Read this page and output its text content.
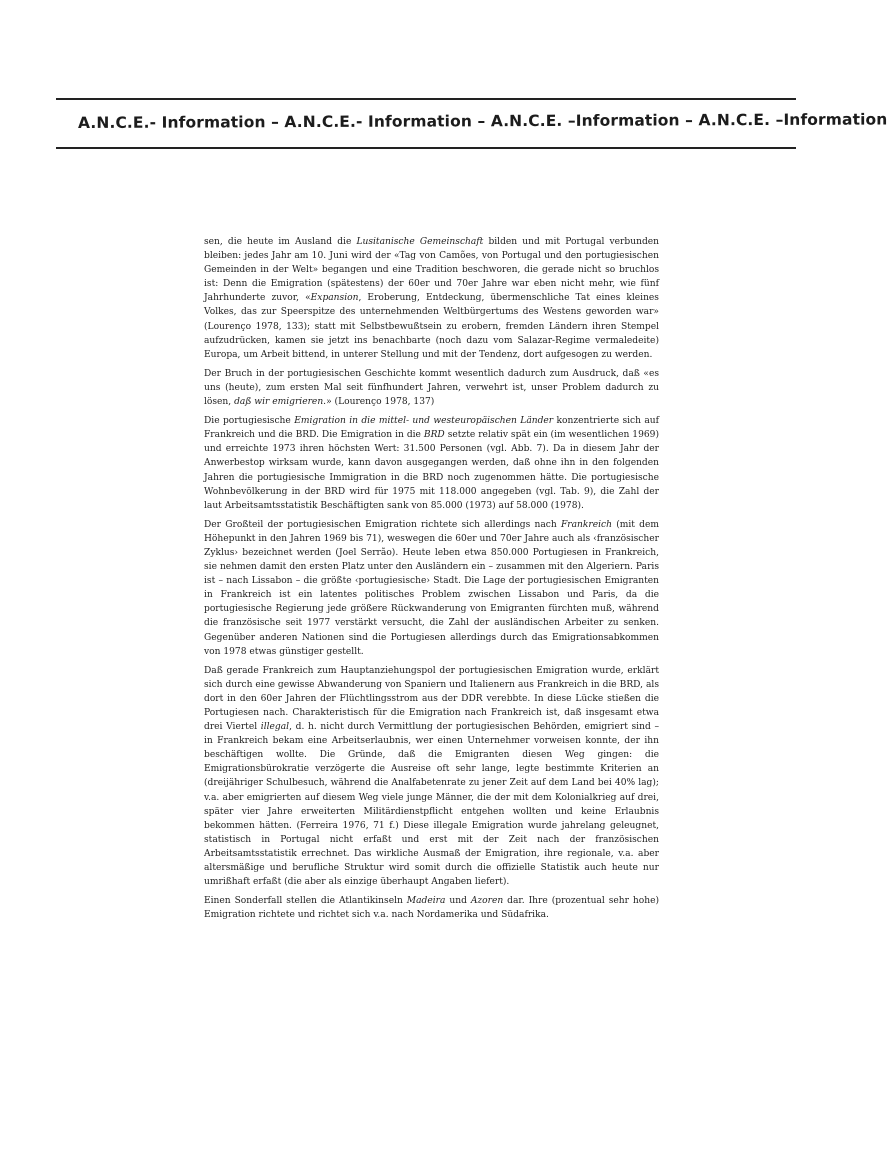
A.N.C.E.- Information – A.N.C.E.- Information – A.N.C.E. –Information – A.N.C.E. –Information

sen, die heute im Ausland die Lusitanische Gemeinschaft bilden und mit Portugal verbunden bleiben: jedes Jahr am 10. Juni wird der «Tag von Camões, von Portugal und den portugiesischen Gemeinden in der Welt» begangen und eine Tradition beschworen, die gerade nicht so bruchlos ist: Denn die Emigration (spätestens) der 60er und 70er Jahre war eben nicht mehr, wie fünf Jahrhunderte zuvor, «Expansion, Eroberung, Entdeckung, übermenschliche Tat eines kleines Volkes, das zur Speerspitze des unternehmenden Weltbürgertums des Westens geworden war» (Lourenço 1978, 133); statt mit Selbstbewußtsein zu erobern, fremden Ländern ihren Stempel aufzudrücken, kamen sie jetzt ins benachbarte (noch dazu vom Salazar-Regime vermaledeite) Europa, um Arbeit bittend, in unterer Stellung und mit der Tendenz, dort aufgesogen zu werden.

Der Bruch in der portugiesischen Geschichte kommt wesentlich dadurch zum Ausdruck, daß «es uns (heute), zum ersten Mal seit fünfhundert Jahren, verwehrt ist, unser Problem dadurch zu lösen, daß wir emigrieren.» (Lourenço 1978, 137)

Die portugiesische Emigration in die mittel- und westeuropäischen Länder konzentrierte sich auf Frankreich und die BRD. Die Emigration in die BRD setzte relativ spät ein (im wesentlichen 1969) und erreichte 1973 ihren höchsten Wert: 31.500 Personen (vgl. Abb. 7). Da in diesem Jahr der Anwerbestop wirksam wurde, kann davon ausgegangen werden, daß ohne ihn in den folgenden Jahren die portugiesische Immigration in die BRD noch zugenommen hätte. Die portugiesische Wohnbevölkerung in der BRD wird für 1975 mit 118.000 angegeben (vgl. Tab. 9), die Zahl der laut Arbeitsamtsstatistik Beschäftigten sank von 85.000 (1973) auf 58.000 (1978).

Der Großteil der portugiesischen Emigration richtete sich allerdings nach Frankreich (mit dem Höhepunkt in den Jahren 1969 bis 71), weswegen die 60er und 70er Jahre auch als ‹französischer Zyklus› bezeichnet werden (Joel Serrão). Heute leben etwa 850.000 Portugiesen in Frankreich, sie nehmen damit den ersten Platz unter den Ausländern ein – zusammen mit den Algeriern. Paris ist – nach Lissabon – die größte ‹portugiesische› Stadt. Die Lage der portugiesischen Emigranten in Frankreich ist ein latentes politisches Problem zwischen Lissabon und Paris, da die portugiesische Regierung jede größere Rückwanderung von Emigranten fürchten muß, während die französische seit 1977 verstärkt versucht, die Zahl der ausländischen Arbeiter zu senken. Gegenüber anderen Nationen sind die Portugiesen allerdings durch das Emigrationsabkommen von 1978 etwas günstiger gestellt.

Daß gerade Frankreich zum Hauptanziehungspol der portugiesischen Emigration wurde, erklärt sich durch eine gewisse Abwanderung von Spaniern und Italienern aus Frankreich in die BRD, als dort in den 60er Jahren der Flüchtlingsstrom aus der DDR verebbte. In diese Lücke stießen die Portugiesen nach. Charakteristisch für die Emigration nach Frankreich ist, daß insgesamt etwa drei Viertel illegal, d. h. nicht durch Vermittlung der portugiesischen Behörden, emigriert sind – in Frankreich bekam eine Arbeitserlaubnis, wer einen Unternehmer vorweisen konnte, der ihn beschäftigen wollte. Die Gründe, daß die Emigranten diesen Weg gingen: die Emigrationsbürokratie verzögerte die Ausreise oft sehr lange, legte bestimmte Kriterien an (dreijähriger Schulbesuch, während die Analfabetenrate zu jener Zeit auf dem Land bei 40% lag); v.a. aber emigrierten auf diesem Weg viele junge Männer, die der mit dem Kolonialkrieg auf drei, später vier Jahre erweiterten Militärdienstpflicht entgehen wollten und keine Erlaubnis bekommen hätten. (Ferreira 1976, 71 f.) Diese illegale Emigration wurde jahrelang geleugnet, statistisch in Portugal nicht erfaßt und erst mit der Zeit nach der französischen Arbeitsamtsstatistik errechnet. Das wirkliche Ausmaß der Emigration, ihre regionale, v.a. aber altersmäßige und berufliche Struktur wird somit durch die offizielle Statistik auch heute nur umrißhaft erfaßt (die aber als einzige überhaupt Angaben liefert).

Einen Sonderfall stellen die Atlantikinseln Madeira und Azoren dar. Ihre (prozentual sehr hohe) Emigration richtete und richtet sich v.a. nach Nordamerika und Südafrika.
